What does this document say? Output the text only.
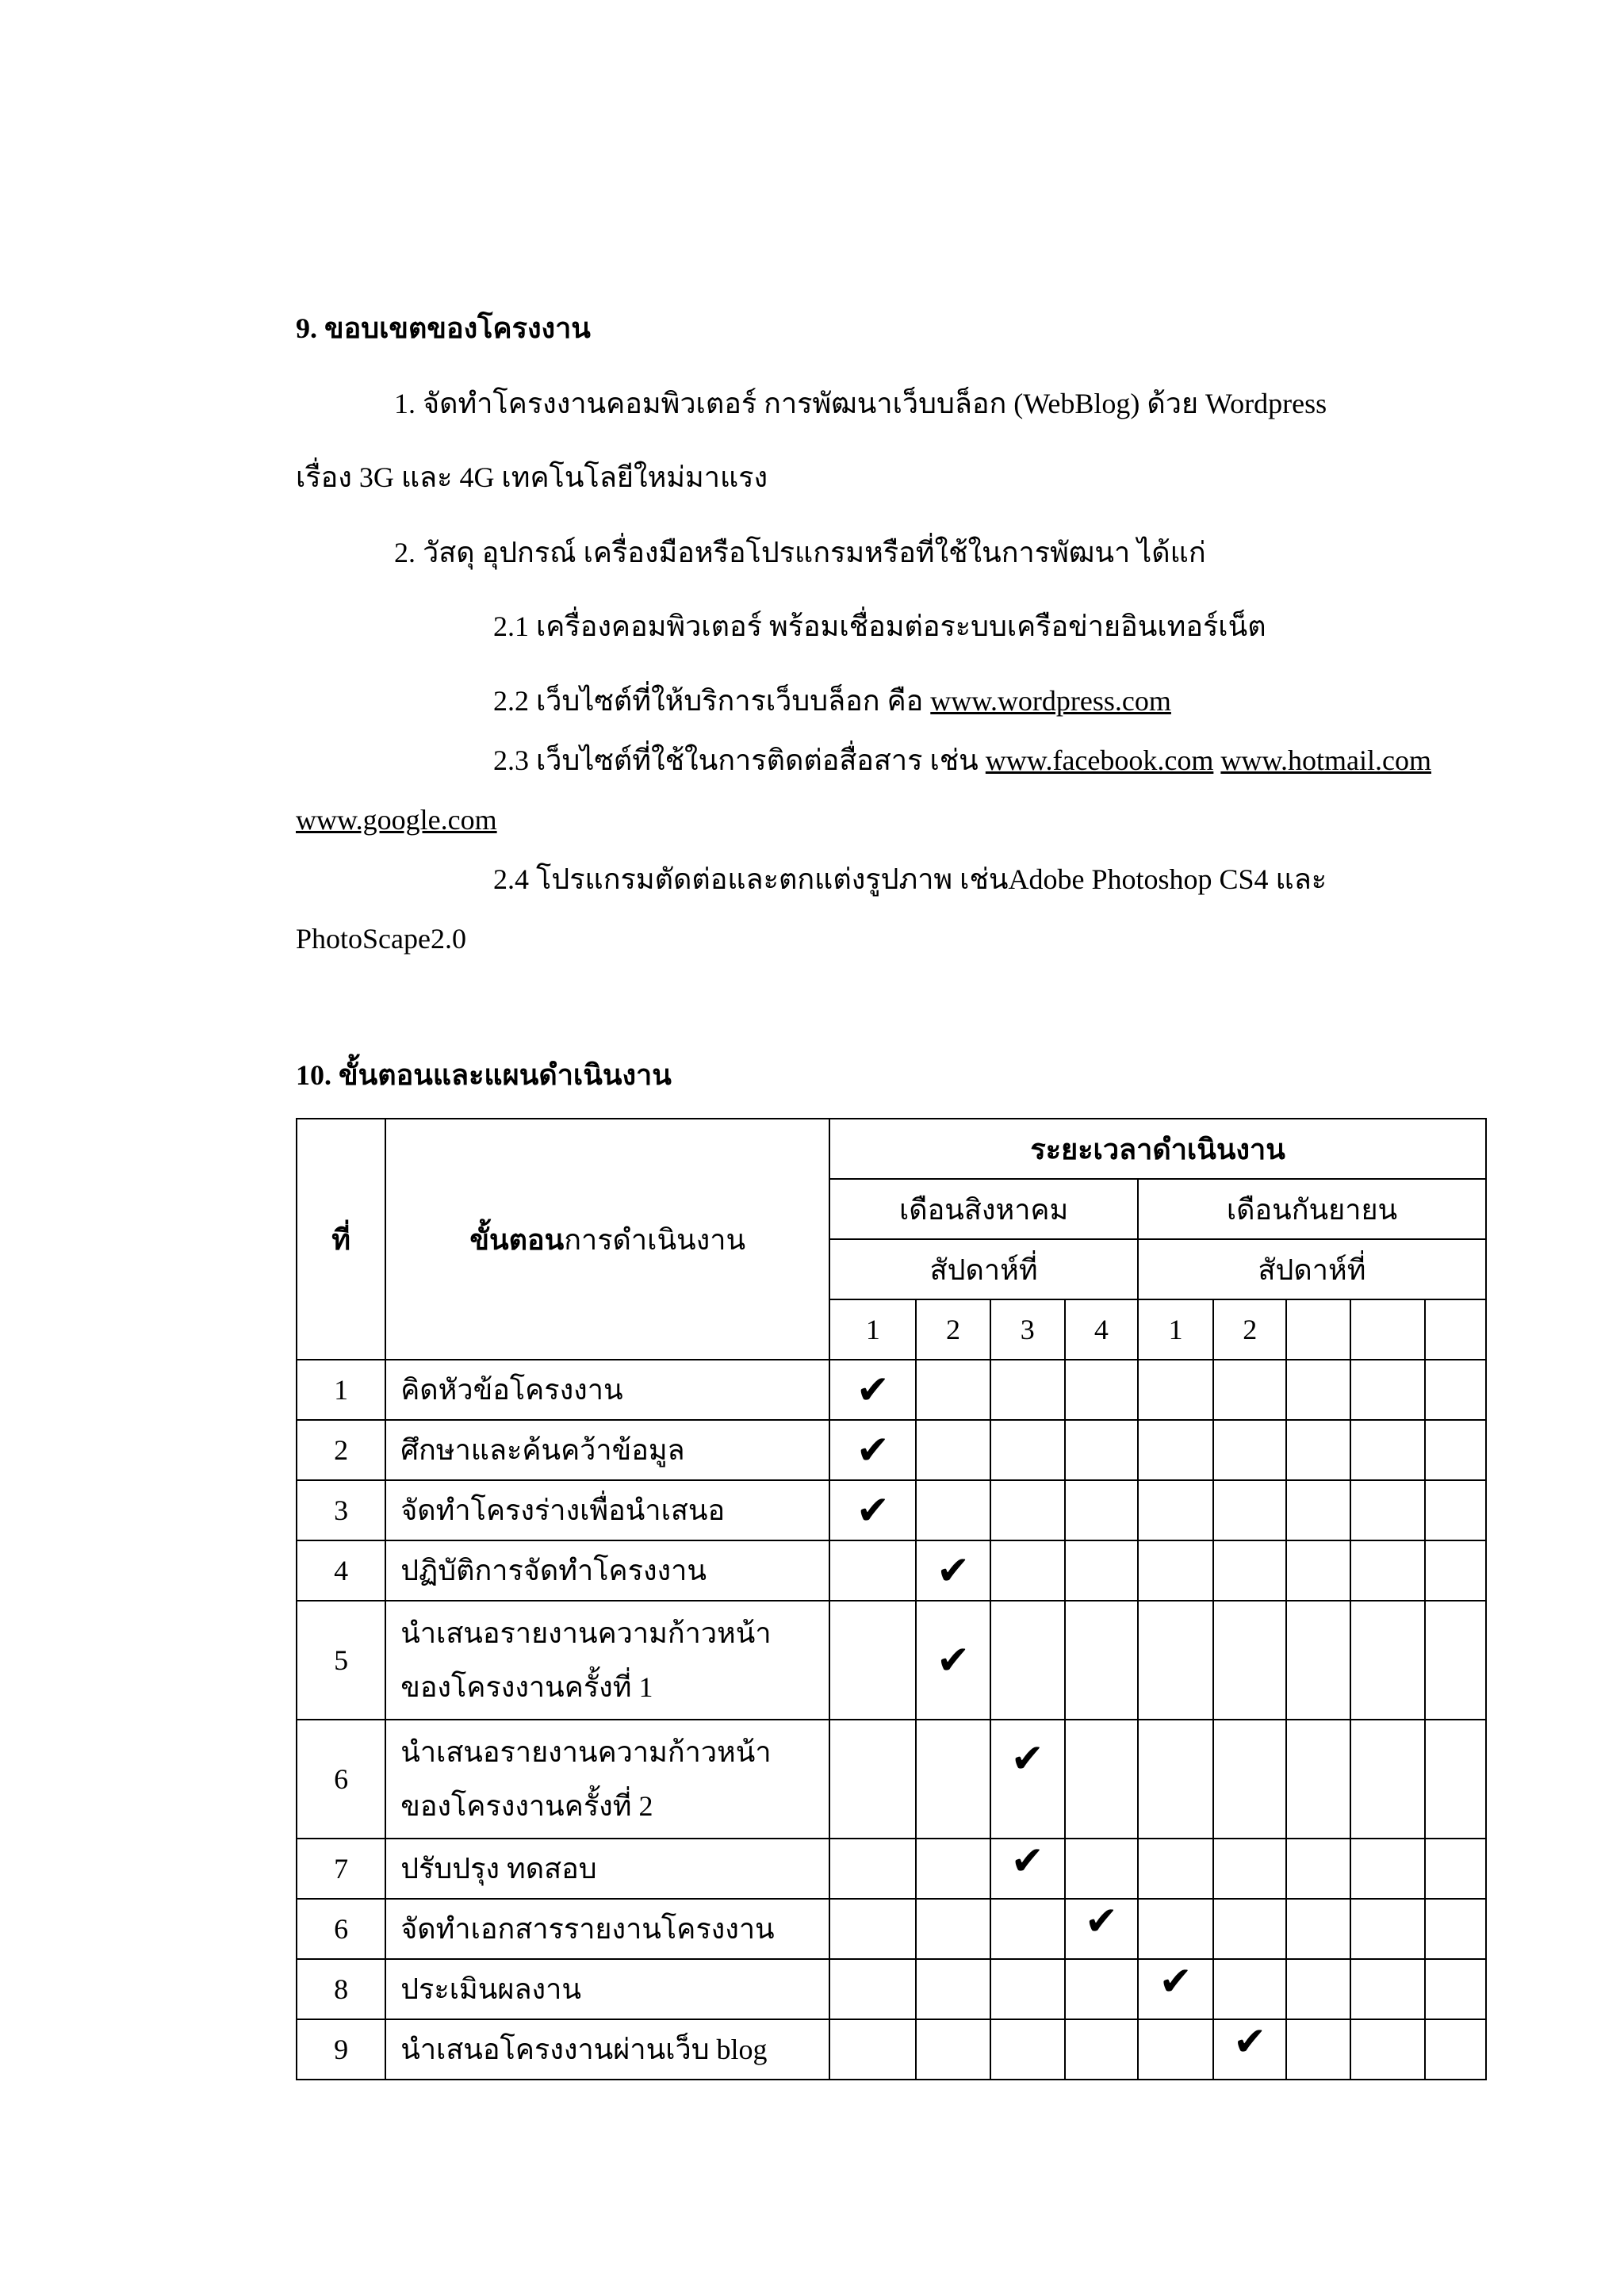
9. ขอบเขตของโครงงาน
1. จัดทำโครงงานคอมพิวเตอร์ การพัฒนาเว็บบล็อก (WebBlog) ด้วย Wordpress
เรื่อง 3G และ 4G เทคโนโลยีใหม่มาแรง
2. วัสดุ อุปกรณ์ เครื่องมือหรือโปรแกรมหรือที่ใช้ในการพัฒนา ได้แก่
2.1 เครื่องคอมพิวเตอร์ พร้อมเชื่อมต่อระบบเครือข่ายอินเทอร์เน็ต
2.2 เว็บไซต์ที่ให้บริการเว็บบล็อก คือ www.wordpress.com
2.3 เว็บไซต์ที่ใช้ในการติดต่อสื่อสาร เช่น www.facebook.com www.hotmail.com
www.google.com
2.4 โปรแกรมตัดต่อและตกแต่งรูปภาพ เช่นAdobe Photoshop CS4 และ
PhotoScape2.0
10. ขั้นตอนและแผนดำเนินงาน
ที่	ขั้นตอนการดำเนินงาน	ระยะเวลาดำเนินงาน								
		เดือนสิงหาคม				เดือนกันยายน				
		สัปดาห์ที่				สัปดาห์ที่				
		1	2	3	4	1	2			
1	คิดหัวข้อโครงงาน	✔								
2	ศึกษาและค้นคว้าข้อมูล	✔								
3	จัดทำโครงร่างเพื่อนำเสนอ	✔								
4	ปฏิบัติการจัดทำโครงงาน		✔							
5	นำเสนอรายงานความก้าวหน้า
ของโครงงานครั้งที่ 1		✔							
6	นำเสนอรายงานความก้าวหน้า
ของโครงงานครั้งที่ 2			✔						
7	ปรับปรุง ทดสอบ			✔						
6	จัดทำเอกสารรายงานโครงงาน				✔					
8	ประเมินผลงาน					✔				
9	นำเสนอโครงงานผ่านเว็บ blog						✔			
